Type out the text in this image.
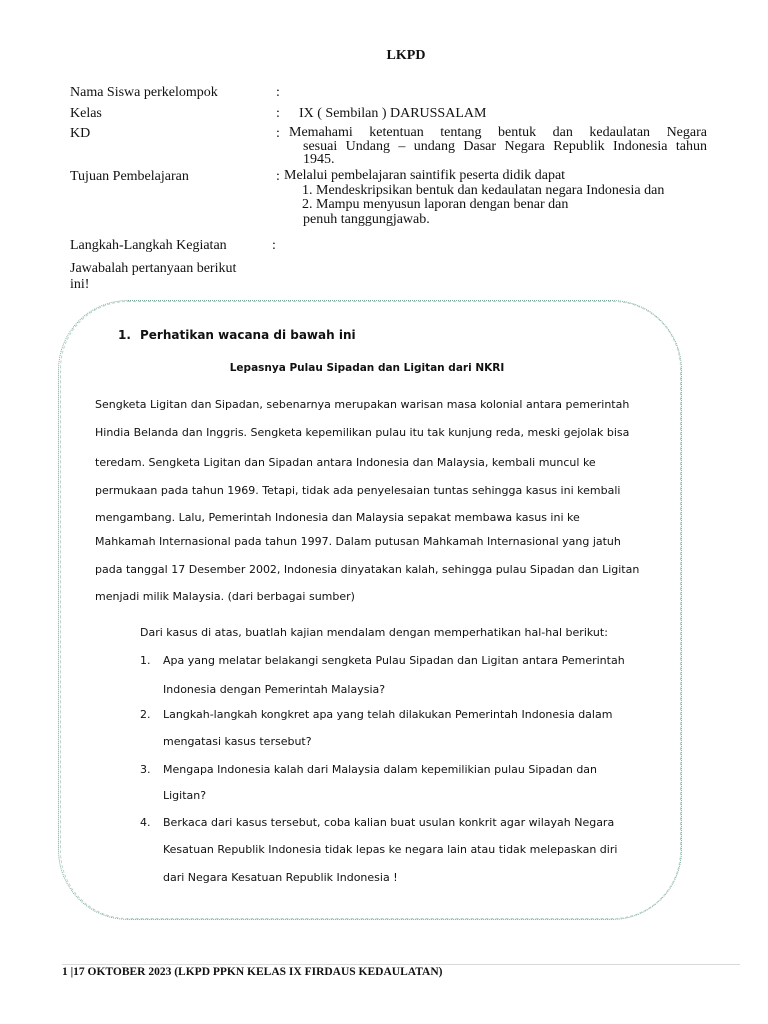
LKPD
Nama Siswa perkelompok	:
Kelas	: IX ( Sembilan ) DARUSSALAM
KD	: Memahami ketentuan tentang bentuk dan kedaulatan Negara
sesuai Undang – undang Dasar Negara Republik Indonesia tahun
1945.
Tujuan Pembelajaran	: Melalui pembelajaran saintifik peserta didik dapat
1. Mendeskripsikan bentuk dan kedaulatan negara Indonesia dan
2. Mampu menyusun laporan dengan benar dan
penuh tanggungjawab.
Langkah-Langkah Kegiatan	:
Jawabalah pertanyaan berikut
ini!
1. Perhatikan wacana di bawah ini
Lepasnya Pulau Sipadan dan Ligitan dari NKRI
Sengketa Ligitan dan Sipadan, sebenarnya merupakan warisan masa kolonial antara pemerintah
Hindia Belanda dan Inggris. Sengketa kepemilikan pulau itu tak kunjung reda, meski gejolak bisa
teredam. Sengketa Ligitan dan Sipadan antara Indonesia dan Malaysia, kembali muncul ke
permukaan pada tahun 1969. Tetapi, tidak ada penyelesaian tuntas sehingga kasus ini kembali
mengambang. Lalu, Pemerintah Indonesia dan Malaysia sepakat membawa kasus ini ke
Mahkamah Internasional pada tahun 1997. Dalam putusan Mahkamah Internasional yang jatuh
pada tanggal 17 Desember 2002, Indonesia dinyatakan kalah, sehingga pulau Sipadan dan Ligitan
menjadi milik Malaysia. (dari berbagai sumber)
Dari kasus di atas, buatlah kajian mendalam dengan memperhatikan hal-hal berikut:
1. Apa yang melatar belakangi sengketa Pulau Sipadan dan Ligitan antara Pemerintah
Indonesia dengan Pemerintah Malaysia?
2. Langkah-langkah kongkret apa yang telah dilakukan Pemerintah Indonesia dalam
mengatasi kasus tersebut?
3. Mengapa Indonesia kalah dari Malaysia dalam kepemilikian pulau Sipadan dan
Ligitan?
4. Berkaca dari kasus tersebut, coba kalian buat usulan konkrit agar wilayah Negara
Kesatuan Republik Indonesia tidak lepas ke negara lain atau tidak melepaskan diri
dari Negara Kesatuan Republik Indonesia !
1 |17 OKTOBER 2023 (LKPD PPKN KELAS IX FIRDAUS KEDAULATAN)
